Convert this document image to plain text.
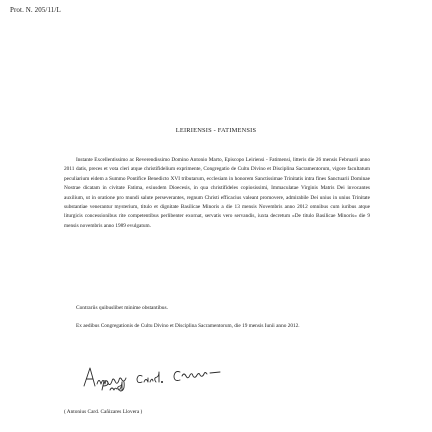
Prot. N. 205/11/L
LEIRIENSIS - FATIMENSIS

Instante Excellentissimo ac Reverendissimo Domino Antonio Marto, Episcopo Leiriensi - Fatimensi, litteris die 26 mensis Februarii anno 2011 datis, preces et vota cleri atque christifidelium exprimente, Congregatio de Cultu Divino et Disciplina Sacramentorum, vigore facultatum peculiarium eidem a Summo Pontifice Benedicto XVI tributarum, ecclesiam in honorem Sanctissimae Trinitatis intra fines Sanctuarii Dominae Nostrae dicatam in civitate Fatima, exiusdem Dioecesis, in qua christifideles copiosissimi, Immaculatae Virginis Matris Dei invocantes auxilium, ut in oratione pro mundi salute perseverantes, regnum Christi efficacius valeant promovere, admirabile Dei unius in unius Trinitate substantiae venerantur mysterium, titulo et dignitate Basilicae Minoris a die 13 mensis Novembris anno 2012 omnibus cum iuribus atque liturgicis concessionibus rite competentibus perlibenter exornat, servatis vero servandis, iuxta decretum «De titulo Basilicae Minoris» die 9 mensis novembris anno 1989 evulgatum.

Contrariis quibuslibet minime obstantibus.
Ex aedibus Congregationis de Cultu Divino et Disciplina Sacramentorum, die 19 mensis Iunii anno 2012.
( Antonius Card. Cañizares Llovera )
